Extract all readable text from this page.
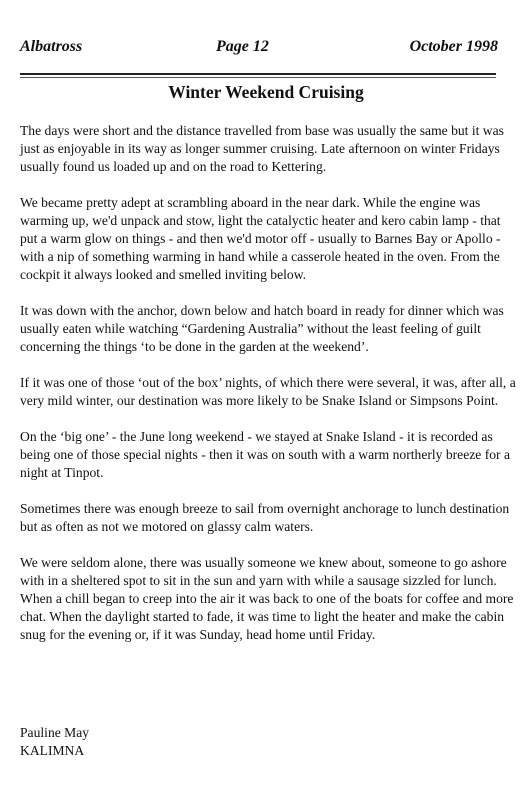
Albatross	Page 12	October 1998
Winter Weekend Cruising

The days were short and the distance travelled from base was usually the same but it was just as enjoyable in its way as longer summer cruising. Late afternoon on winter Fridays usually found us loaded up and on the road to Kettering.

We became pretty adept at scrambling aboard in the near dark. While the engine was warming up, we'd unpack and stow, light the catalyctic heater and kero cabin lamp - that put a warm glow on things - and then we'd motor off - usually to Barnes Bay or Apollo - with a nip of something warming in hand while a casserole heated in the oven. From the cockpit it always looked and smelled inviting below.

It was down with the anchor, down below and hatch board in ready for dinner which was usually eaten while watching “Gardening Australia” without the least feeling of guilt concerning the things ‘to be done in the garden at the weekend’.

If it was one of those ‘out of the box’ nights, of which there were several, it was, after all, a very mild winter, our destination was more likely to be Snake Island or Simpsons Point.

On the ‘big one’ - the June long weekend - we stayed at Snake Island - it is recorded as being one of those special nights - then it was on south with a warm northerly breeze for a night at Tinpot.

Sometimes there was enough breeze to sail from overnight anchorage to lunch destination but as often as not we motored on glassy calm waters.

We were seldom alone, there was usually someone we knew about, someone to go ashore with in a sheltered spot to sit in the sun and yarn with while a sausage sizzled for lunch. When a chill began to creep into the air it was back to one of the boats for coffee and more chat. When the daylight started to fade, it was time to light the heater and make the cabin snug for the evening or, if it was Sunday, head home until Friday.

Pauline May
KALIMNA
